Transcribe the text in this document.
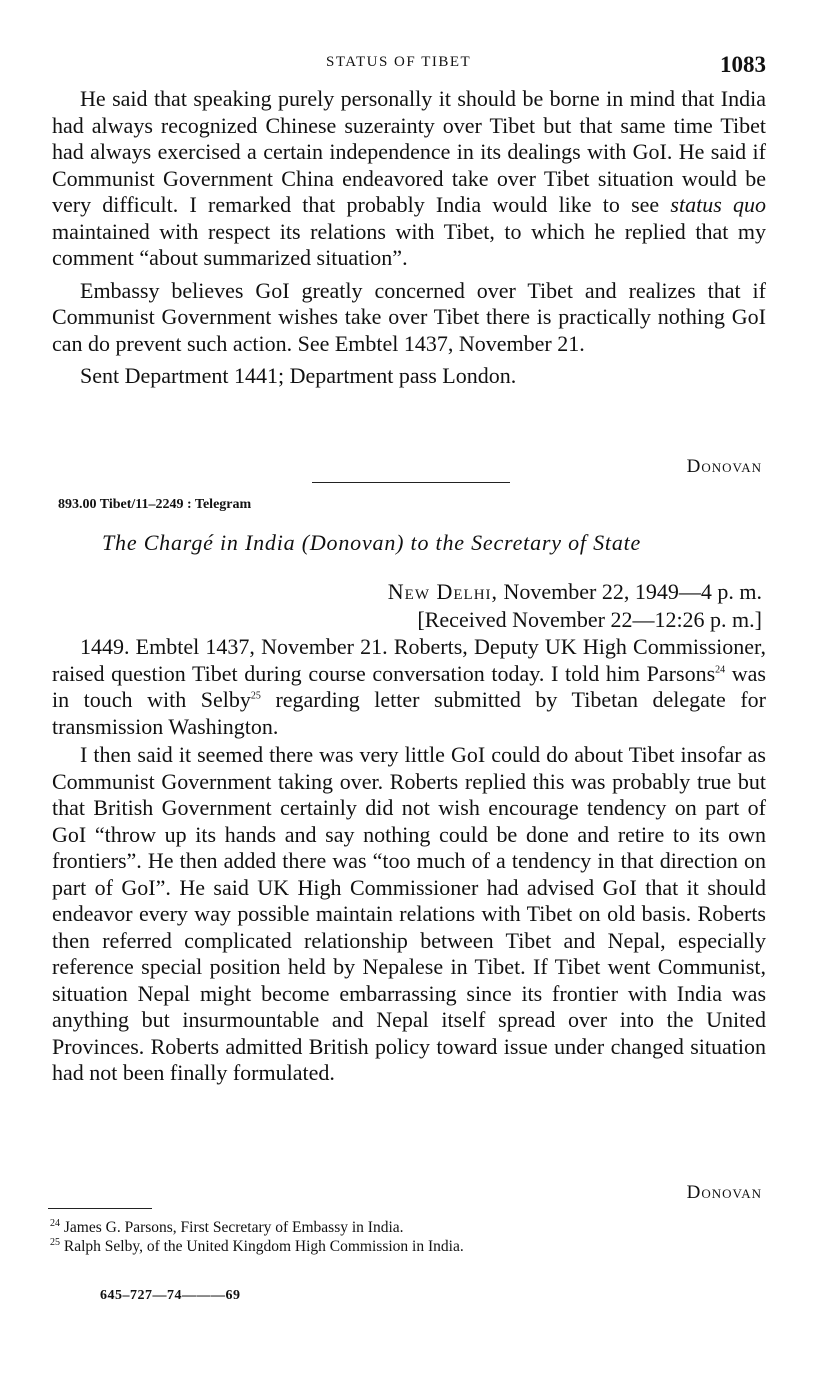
STATUS OF TIBET	1083

He said that speaking purely personally it should be borne in mind that India had always recognized Chinese suzerainty over Tibet but that same time Tibet had always exercised a certain independence in its dealings with GoI. He said if Communist Government China endeavored take over Tibet situation would be very difficult. I remarked that probably India would like to see status quo maintained with respect its relations with Tibet, to which he replied that my comment “about summarized situation”.

Embassy believes GoI greatly concerned over Tibet and realizes that if Communist Government wishes take over Tibet there is practically nothing GoI can do prevent such action. See Embtel 1437, November 21.

Sent Department 1441; Department pass London.

Donovan
893.00 Tibet/11–2249 : Telegram
The Chargé in India (Donovan) to the Secretary of State
New Delhi, November 22, 1949—4 p. m.
[Received November 22—12:26 p. m.]

1449. Embtel 1437, November 21. Roberts, Deputy UK High Commissioner, raised question Tibet during course conversation today. I told him Parsons$^{24}$ was in touch with Selby$^{25}$ regarding letter submitted by Tibetan delegate for transmission Washington.

I then said it seemed there was very little GoI could do about Tibet insofar as Communist Government taking over. Roberts replied this was probably true but that British Government certainly did not wish encourage tendency on part of GoI “throw up its hands and say nothing could be done and retire to its own frontiers”. He then added there was “too much of a tendency in that direction on part of GoI”. He said UK High Commissioner had advised GoI that it should endeavor every way possible maintain relations with Tibet on old basis. Roberts then referred complicated relationship between Tibet and Nepal, especially reference special position held by Nepalese in Tibet. If Tibet went Communist, situation Nepal might become embarrassing since its frontier with India was anything but insurmountable and Nepal itself spread over into the United Provinces. Roberts admitted British policy toward issue under changed situation had not been finally formulated.

Donovan

$^{24}$ James G. Parsons, First Secretary of Embassy in India.

$^{25}$ Ralph Selby, of the United Kingdom High Commission in India.

645–727—74———69
